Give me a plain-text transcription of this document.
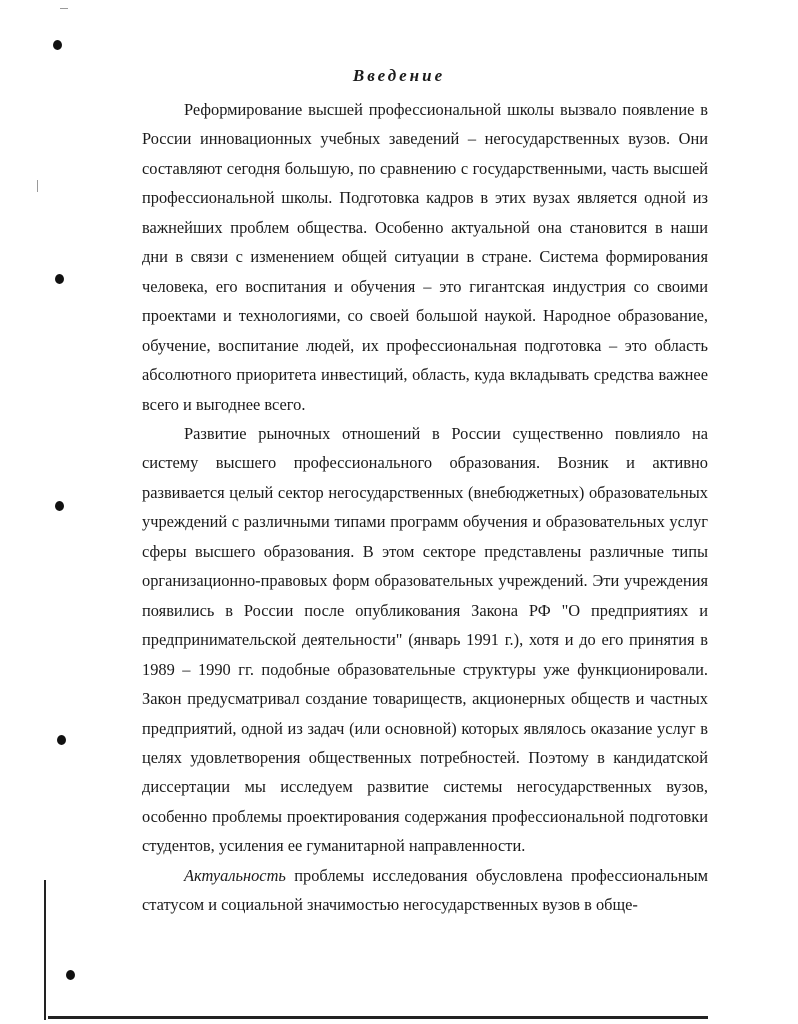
Введение

Реформирование высшей профессиональной школы вызвало появление в России инновационных учебных заведений – негосударственных вузов. Они составляют сегодня большую, по сравнению с государственными, часть высшей профессиональной школы. Подготовка кадров в этих вузах является одной из важнейших проблем общества. Особенно актуальной она становится в наши дни в связи с изменением общей ситуации в стране. Система формирования человека, его воспитания и обучения – это гигантская индустрия со своими проектами и технологиями, со своей большой наукой. Народное образование, обучение, воспитание людей, их профессиональная подготовка – это область абсолютного приоритета инвестиций, область, куда вкладывать средства важнее всего и выгоднее всего.

Развитие рыночных отношений в России существенно повлияло на систему высшего профессионального образования. Возник и активно развивается целый сектор негосударственных (внебюджетных) образовательных учреждений с различными типами программ обучения и образовательных услуг сферы высшего образования. В этом секторе представлены различные типы организационно-правовых форм образовательных учреждений. Эти учреждения появились в России после опубликования Закона РФ "О предприятиях и предпринимательской деятельности" (январь 1991 г.), хотя и до его принятия в 1989 – 1990 гг. подобные образовательные структуры уже функционировали. Закон предусматривал создание товариществ, акционерных обществ и частных предприятий, одной из задач (или основной) которых являлось оказание услуг в целях удовлетворения общественных потребностей. Поэтому в кандидатской диссертации мы исследуем развитие системы негосударственных вузов, особенно проблемы проектирования содержания профессиональной подготовки студентов, усиления ее гуманитарной направленности.

Актуальность проблемы исследования обусловлена профессиональным статусом и социальной значимостью негосударственных вузов в обще-
